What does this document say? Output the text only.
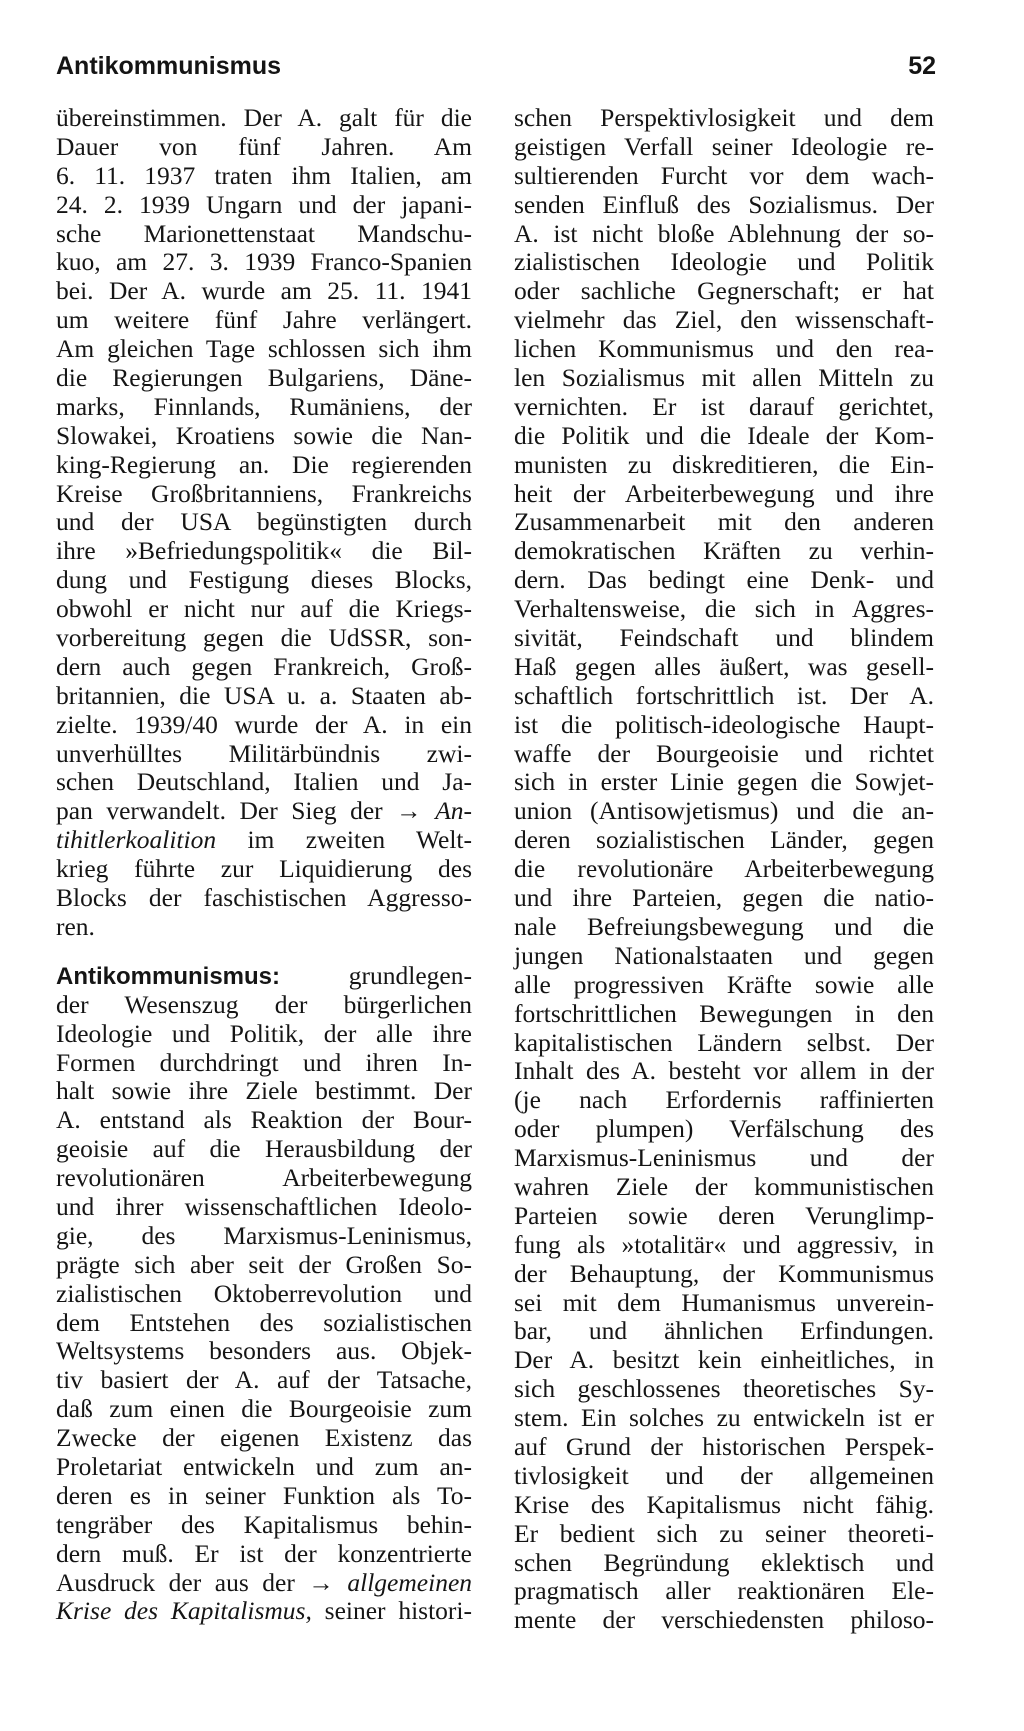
Antikommunismus	52
übereinstimmen. Der A. galt für die
Dauer von fünf Jahren. Am
6. 11. 1937 traten ihm Italien, am
24. 2. 1939 Ungarn und der japani-
sche Marionettenstaat Mandschu-
kuo, am 27. 3. 1939 Franco-Spanien
bei. Der A. wurde am 25. 11. 1941
um weitere fünf Jahre verlängert.
Am gleichen Tage schlossen sich ihm
die Regierungen Bulgariens, Däne-
marks, Finnlands, Rumäniens, der
Slowakei, Kroatiens sowie die Nan-
king-Regierung an. Die regierenden
Kreise Großbritanniens, Frankreichs
und der USA begünstigten durch
ihre »Befriedungspolitik« die Bil-
dung und Festigung dieses Blocks,
obwohl er nicht nur auf die Kriegs-
vorbereitung gegen die UdSSR, son-
dern auch gegen Frankreich, Groß-
britannien, die USA u. a. Staaten ab-
zielte. 1939/40 wurde der A. in ein
unverhülltes Militärbündnis zwi-
schen Deutschland, Italien und Ja-
pan verwandelt. Der Sieg der → An-
tihitlerkoalition im zweiten Welt-
krieg führte zur Liquidierung des
Blocks der faschistischen Aggresso-
ren.
Antikommunismus:	grundlegen-
der Wesenszug der bürgerlichen
Ideologie und Politik, der alle ihre
Formen durchdringt und ihren In-
halt sowie ihre Ziele bestimmt. Der
A. entstand als Reaktion der Bour-
geoisie auf die Herausbildung der
revolutionären Arbeiterbewegung
und ihrer wissenschaftlichen Ideolo-
gie, des Marxismus-Leninismus,
prägte sich aber seit der Großen So-
zialistischen Oktoberrevolution und
dem Entstehen des sozialistischen
Weltsystems besonders aus. Objek-
tiv basiert der A. auf der Tatsache,
daß zum einen die Bourgeoisie zum
Zwecke der eigenen Existenz das
Proletariat entwickeln und zum an-
deren es in seiner Funktion als To-
tengräber des Kapitalismus behin-
dern muß. Er ist der konzentrierte
Ausdruck der aus der → allgemeinen
Krise des Kapitalismus, seiner histori-
schen Perspektivlosigkeit und dem
geistigen Verfall seiner Ideologie re-
sultierenden Furcht vor dem wach-
senden Einfluß des Sozialismus. Der
A. ist nicht bloße Ablehnung der so-
zialistischen Ideologie und Politik
oder sachliche Gegnerschaft; er hat
vielmehr das Ziel, den wissenschaft-
lichen Kommunismus und den rea-
len Sozialismus mit allen Mitteln zu
vernichten. Er ist darauf gerichtet,
die Politik und die Ideale der Kom-
munisten zu diskreditieren, die Ein-
heit der Arbeiterbewegung und ihre
Zusammenarbeit mit den anderen
demokratischen Kräften zu verhin-
dern. Das bedingt eine Denk- und
Verhaltensweise, die sich in Aggres-
sivität, Feindschaft und blindem
Haß gegen alles äußert, was gesell-
schaftlich fortschrittlich ist. Der A.
ist die politisch-ideologische Haupt-
waffe der Bourgeoisie und richtet
sich in erster Linie gegen die Sowjet-
union (Antisowjetismus) und die an-
deren sozialistischen Länder, gegen
die revolutionäre Arbeiterbewegung
und ihre Parteien, gegen die natio-
nale Befreiungsbewegung und die
jungen Nationalstaaten und gegen
alle progressiven Kräfte sowie alle
fortschrittlichen Bewegungen in den
kapitalistischen Ländern selbst. Der
Inhalt des A. besteht vor allem in der
(je nach Erfordernis raffinierten
oder plumpen) Verfälschung des
Marxismus-Leninismus und der
wahren Ziele der kommunistischen
Parteien sowie deren Verunglimp-
fung als »totalitär« und aggressiv, in
der Behauptung, der Kommunismus
sei mit dem Humanismus unverein-
bar, und ähnlichen Erfindungen.
Der A. besitzt kein einheitliches, in
sich geschlossenes theoretisches Sy-
stem. Ein solches zu entwickeln ist er
auf Grund der historischen Perspek-
tivlosigkeit und der allgemeinen
Krise des Kapitalismus nicht fähig.
Er bedient sich zu seiner theoreti-
schen Begründung eklektisch und
pragmatisch aller reaktionären Ele-
mente der verschiedensten philoso-
